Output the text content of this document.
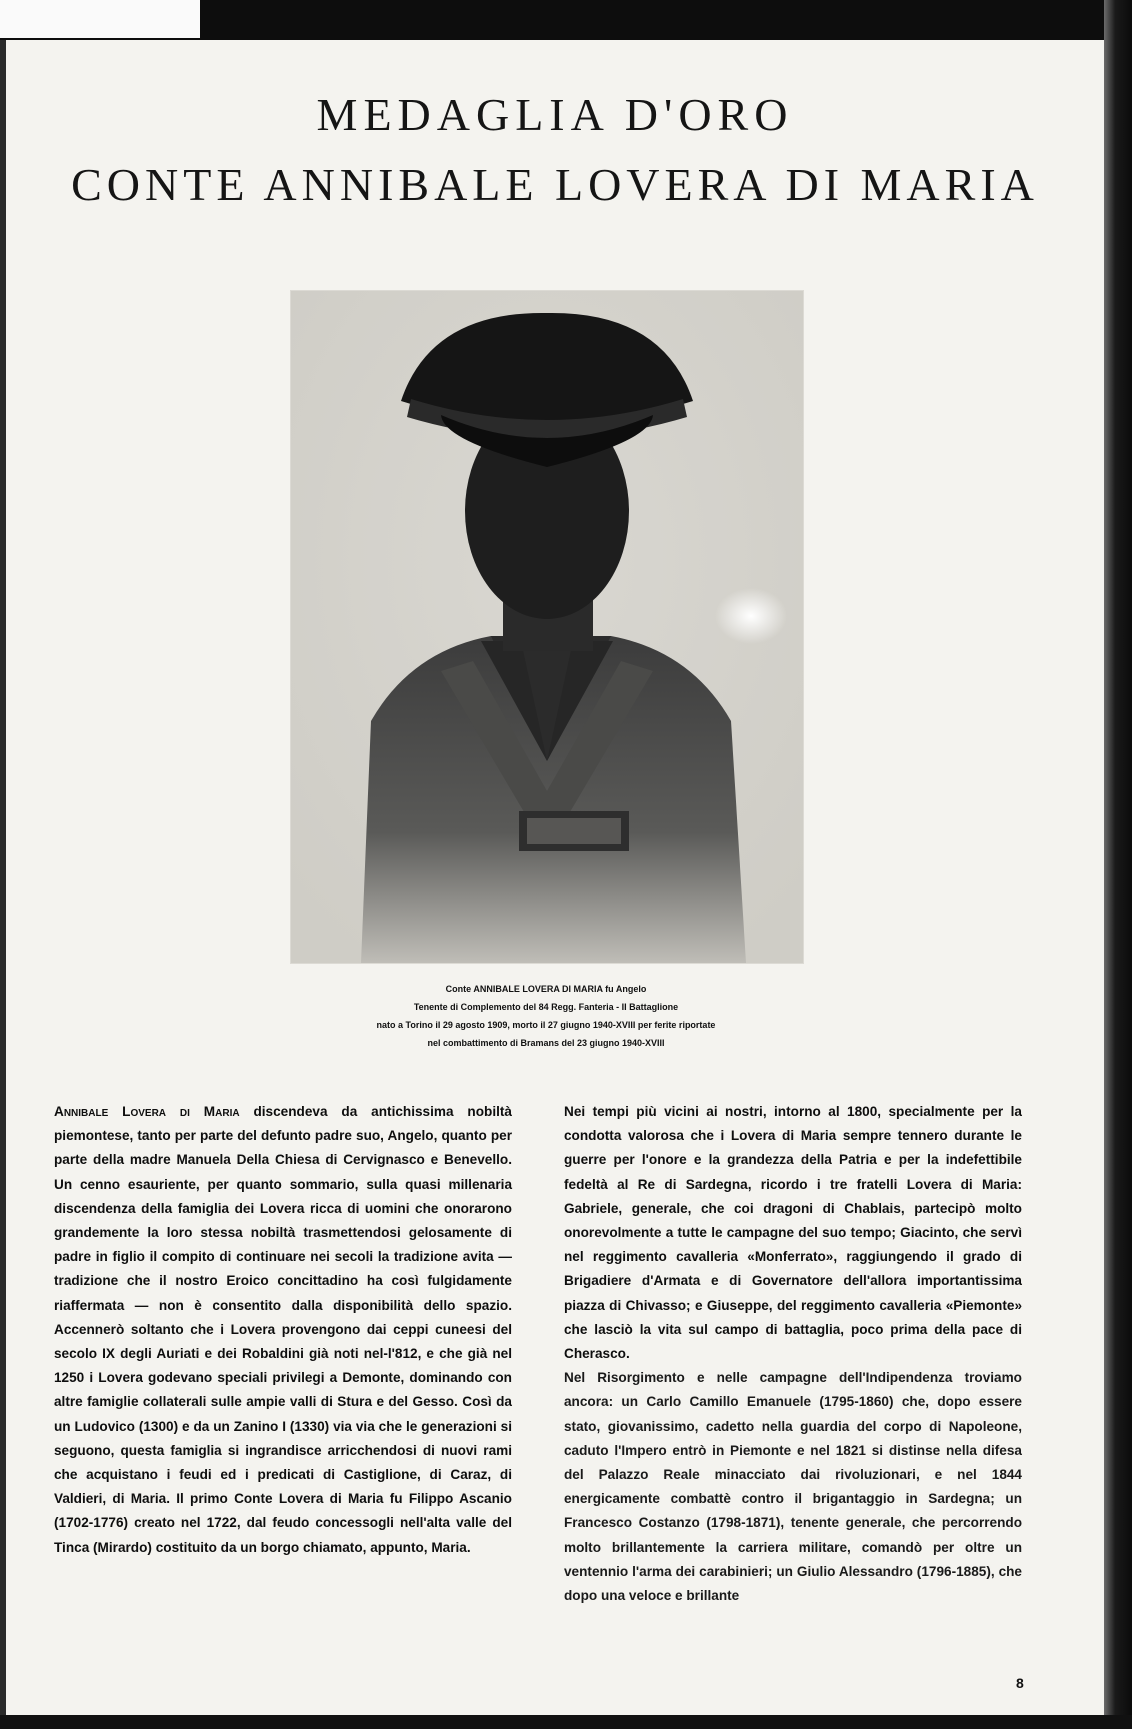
MEDAGLIA D'ORO
CONTE ANNIBALE LOVERA DI MARIA

Conte ANNIBALE LOVERA DI MARIA fu Angelo

Tenente di Complemento del 84 Regg. Fanteria - II Battaglione

nato a Torino il 29 agosto 1909, morto il 27 giugno 1940-XVIII per ferite riportate

nel combattimento di Bramans del 23 giugno 1940-XVIII

Annibale Lovera di Maria discendeva da antichissima nobiltà piemontese, tanto per parte del defunto padre suo, Angelo, quanto per parte della madre Manuela Della Chiesa di Cervignasco e Benevello. Un cenno esauriente, per quanto sommario, sulla quasi millenaria discendenza della famiglia dei Lovera ricca di uomini che onorarono grandemente la loro stessa nobiltà trasmettendosi gelosamente di padre in figlio il compito di continuare nei secoli la tradizione avita — tradizione che il nostro Eroico concittadino ha così fulgidamente riaffermata — non è consentito dalla disponibilità dello spazio. Accennerò soltanto che i Lovera provengono dai ceppi cuneesi del secolo IX degli Auriati e dei Robaldini già noti nel-l'812, e che già nel 1250 i Lovera godevano speciali privilegi a Demonte, dominando con altre famiglie collaterali sulle ampie valli di Stura e del Gesso. Così da un Ludovico (1300) e da un Zanino I (1330) via via che le generazioni si seguono, questa famiglia si ingrandisce arricchendosi di nuovi rami che acquistano i feudi ed i predicati di Castiglione, di Caraz, di Valdieri, di Maria. Il primo Conte Lovera di Maria fu Filippo Ascanio (1702-1776) creato nel 1722, dal feudo concessogli nell'alta valle del Tinca (Mirardo) costituito da un borgo chiamato, appunto, Maria.

Nei tempi più vicini ai nostri, intorno al 1800, specialmente per la condotta valorosa che i Lovera di Maria sempre tennero durante le guerre per l'onore e la grandezza della Patria e per la indefettibile fedeltà al Re di Sardegna, ricordo i tre fratelli Lovera di Maria: Gabriele, generale, che coi dragoni di Chablais, partecipò molto onorevolmente a tutte le campagne del suo tempo; Giacinto, che servì nel reggimento cavalleria «Monferrato», raggiungendo il grado di Brigadiere d'Armata e di Governatore dell'allora importantissima piazza di Chivasso; e Giuseppe, del reggimento cavalleria «Piemonte» che lasciò la vita sul campo di battaglia, poco prima della pace di Cherasco.

Nel Risorgimento e nelle campagne dell'Indipendenza troviamo ancora: un Carlo Camillo Emanuele (1795-1860) che, dopo essere stato, giovanissimo, cadetto nella guardia del corpo di Napoleone, caduto l'Impero entrò in Piemonte e nel 1821 si distinse nella difesa del Palazzo Reale minacciato dai rivoluzionari, e nel 1844 energicamente combattè contro il brigantaggio in Sardegna; un Francesco Costanzo (1798-1871), tenente generale, che percorrendo molto brillantemente la carriera militare, comandò per oltre un ventennio l'arma dei carabinieri; un Giulio Alessandro (1796-1885), che dopo una veloce e brillante

8
